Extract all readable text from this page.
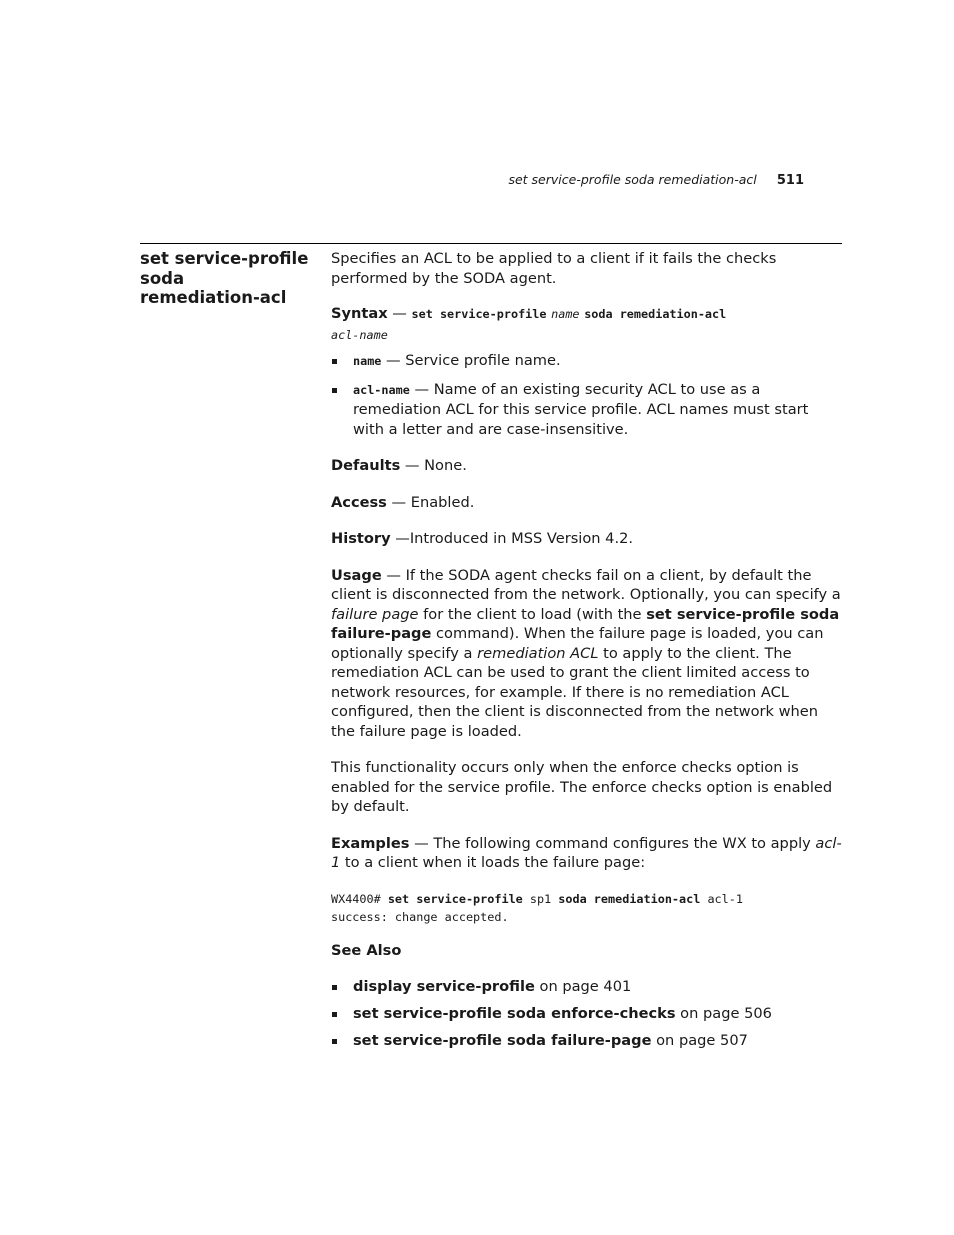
set service-profile soda remediation-acl 511
set service-profile
soda
remediation-acl

Specifies an ACL to be applied to a client if it fails the checks performed by the SODA agent.

Syntax — set service-profile name soda remediation-acl
acl-name

name — Service profile name.
acl-name — Name of an existing security ACL to use as a remediation ACL for this service profile. ACL names must start with a letter and are case-insensitive.

Defaults — None.

Access — Enabled.

History —Introduced in MSS Version 4.2.

Usage — If the SODA agent checks fail on a client, by default the client is disconnected from the network. Optionally, you can specify a failure page for the client to load (with the set service-profile soda failure-page command). When the failure page is loaded, you can optionally specify a remediation ACL to apply to the client. The remediation ACL can be used to grant the client limited access to network resources, for example. If there is no remediation ACL configured, then the client is disconnected from the network when the failure page is loaded.

This functionality occurs only when the enforce checks option is enabled for the service profile. The enforce checks option is enabled by default.

Examples — The following command configures the WX to apply acl-1 to a client when it loads the failure page:

WX4400# set service-profile sp1 soda remediation-acl acl-1
success: change accepted.

See Also

display service-profile on page 401
set service-profile soda enforce-checks on page 506
set service-profile soda failure-page on page 507
